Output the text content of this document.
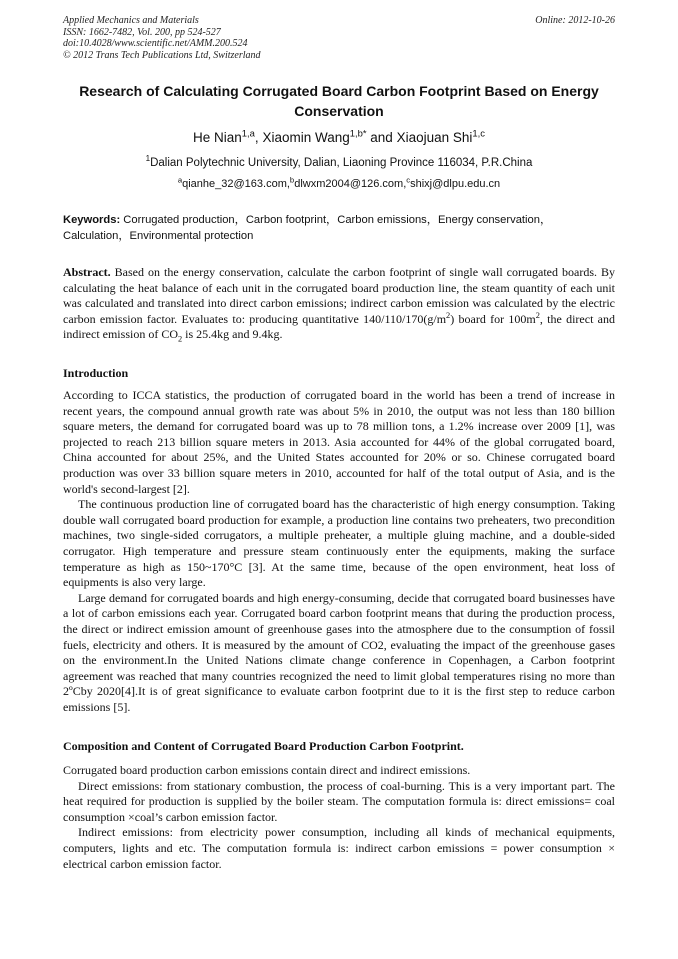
Applied Mechanics and Materials
ISSN: 1662-7482, Vol. 200, pp 524-527
doi:10.4028/www.scientific.net/AMM.200.524
© 2012 Trans Tech Publications Ltd, Switzerland
Online: 2012-10-26
Research of Calculating Corrugated Board Carbon Footprint Based on Energy Conservation
He Nian$^{1,a}$, Xiaomin Wang$^{1,b*}$ and Xiaojuan Shi$^{1,c}$
$^1$Dalian Polytechnic University, Dalian, Liaoning Province 116034, P.R.China
$^a$qianhe_32@163.com,$^b$dlwxm2004@126.com,$^c$shixj@dlpu.edu.cn
Keywords: Corrugated production，Carbon footprint，Carbon emissions，Energy conservation，Calculation，Environmental protection
Abstract. Based on the energy conservation, calculate the carbon footprint of single wall corrugated boards. By calculating the heat balance of each unit in the corrugated board production line, the steam quantity of each unit was calculated and translated into direct carbon emissions; indirect carbon emission was calculated by the electric carbon emission factor. Evaluates to: producing quantitative $140/110/170(g/m^2)$ board for $100m^2$, the direct and indirect emission of $CO_2$ is 25.4kg and 9.4kg.
Introduction

According to ICCA statistics, the production of corrugated board in the world has been a trend of increase in recent years, the compound annual growth rate was about 5% in 2010, the output was not less than 180 billion square meters, the demand for corrugated board was up to 78 million tons, a 1.2% increase over 2009 [1], was projected to reach 213 billion square meters in 2013. Asia accounted for 44% of the global corrugated board, China accounted for about 25%, and the United States accounted for 20% or so. Chinese corrugated board production was over 33 billion square meters in 2010, accounted for half of the total output of Asia, and is the world's second-largest [2].

The continuous production line of corrugated board has the characteristic of high energy consumption. Taking double wall corrugated board production for example, a production line contains two preheaters, two precondition machines, two single-sided corrugators, a multiple preheater, a multiple gluing machine, and a double-sided corrugator. High temperature and pressure steam continuously enter the equipments, making the surface temperature as high as 150~170°C [3]. At the same time, because of the open environment, heat loss of equipments is also very large.

Large demand for corrugated boards and high energy-consuming, decide that corrugated board businesses have a lot of carbon emissions each year. Corrugated board carbon footprint means that during the production process, the direct or indirect emission amount of greenhouse gases into the atmosphere due to the consumption of fossil fuels, electricity and others. It is measured by the amount of CO2, evaluating the impact of the greenhouse gases on the environment.In the United Nations climate change conference in Copenhagen, a Carbon footprint agreement was reached that many countries recognized the need to limit global temperatures rising no more than 2ºCby 2020[4].It is of great significance to evaluate carbon footprint due to it is the first step to reduce carbon emissions [5].

Composition and Content of Corrugated Board Production Carbon Footprint.

Corrugated board production carbon emissions contain direct and indirect emissions.

Direct emissions: from stationary combustion, the process of coal-burning. This is a very important part. The heat required for production is supplied by the boiler steam. The computation formula is: direct emissions= coal consumption ×coal’s carbon emission factor.

Indirect emissions: from electricity power consumption, including all kinds of mechanical equipments, computers, lights and etc. The computation formula is: indirect carbon emissions = power consumption × electrical carbon emission factor.
